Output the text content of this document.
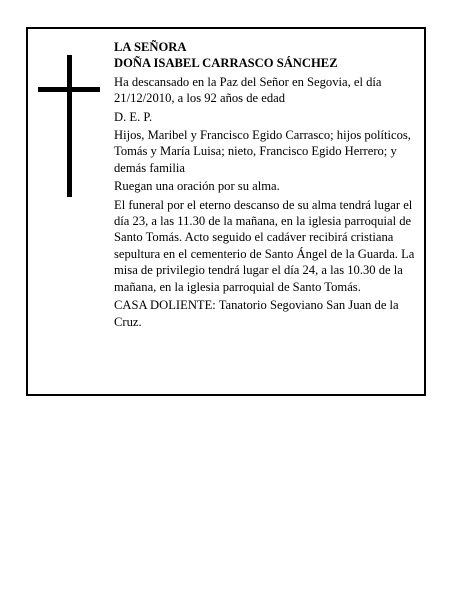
LA SEÑORA

DOÑA ISABEL CARRASCO SÁNCHEZ

Ha descansado en la Paz del Señor en Segovia, el día 21/12/2010, a los 92 años de edad

D. E. P.

Hijos, Maribel y Francisco Egido Carrasco; hijos políticos, Tomás y María Luisa; nieto, Francisco Egido Herrero; y demás familia

Ruegan una oración por su alma.

El funeral por el eterno descanso de su alma tendrá lugar el día 23, a las 11.30 de la mañana, en la iglesia parroquial de Santo Tomás. Acto seguido el cadáver recibirá cristiana sepultura en el cementerio de Santo Ángel de la Guarda. La misa de privilegio tendrá lugar el día 24, a las 10.30 de la mañana, en la iglesia parroquial de Santo Tomás.

CASA DOLIENTE: Tanatorio Segoviano San Juan de la Cruz.
